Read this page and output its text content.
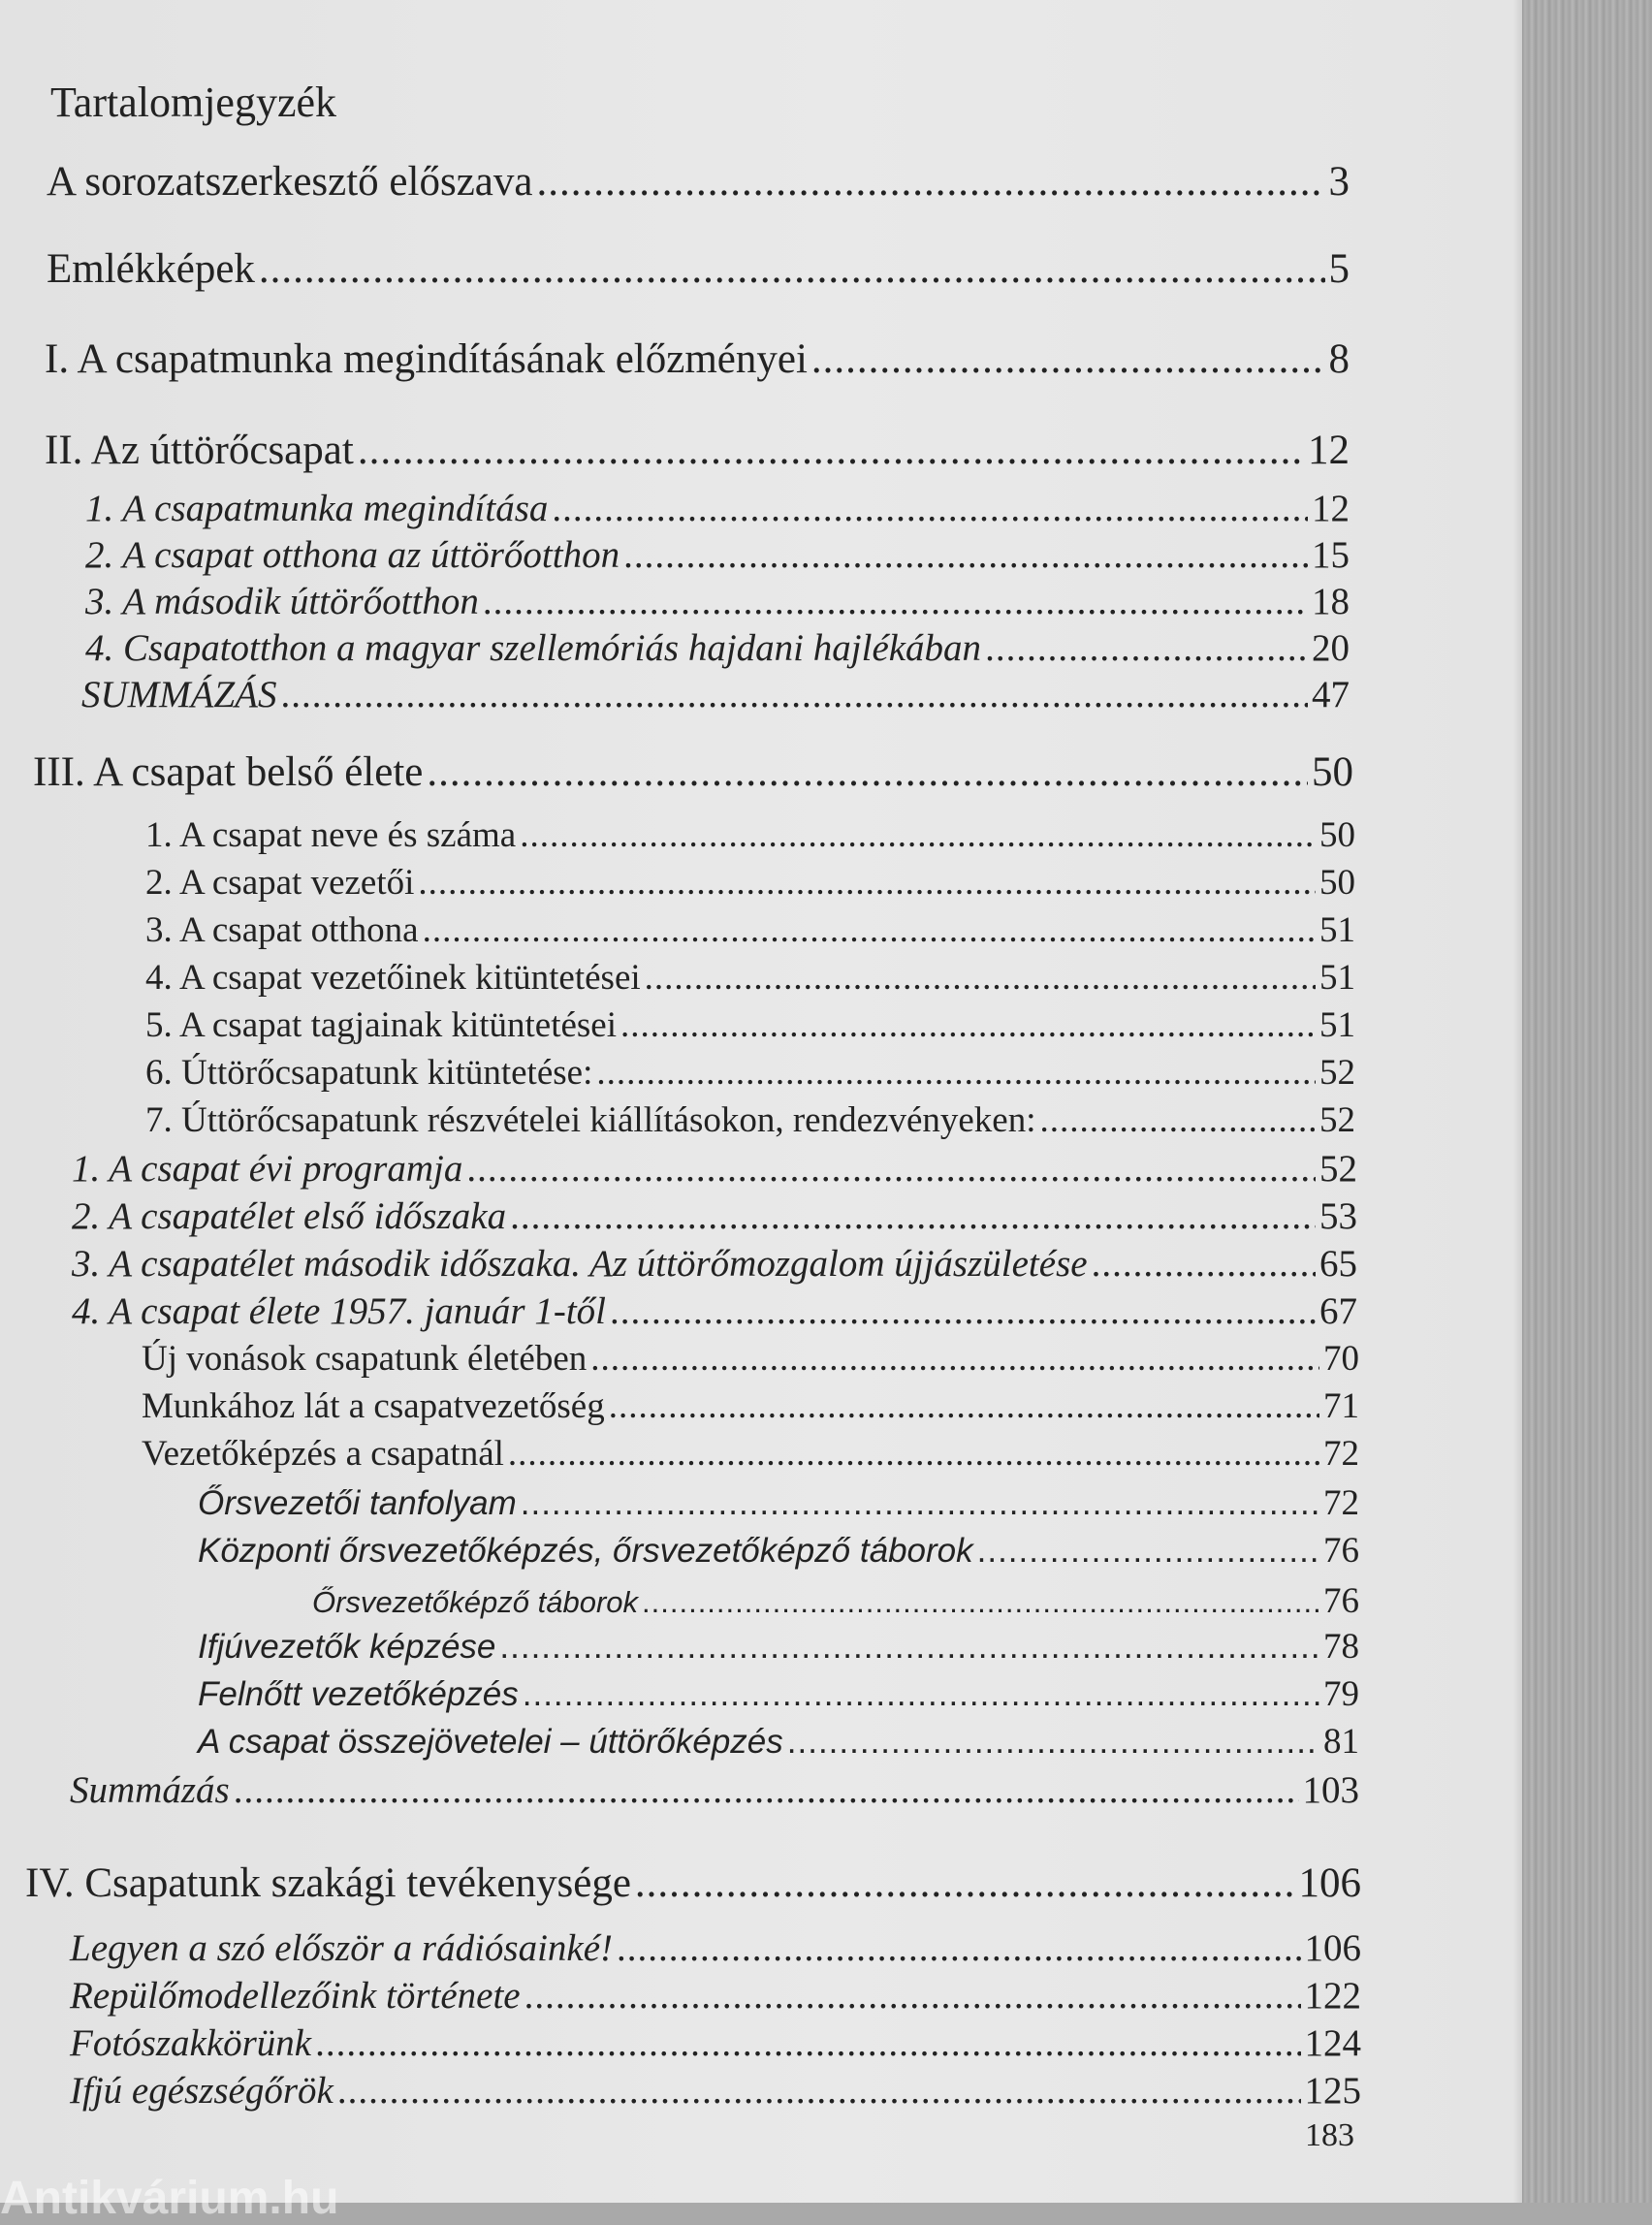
Tartalomjegyzék
A sorozatszerkesztő előszava .....	3
Emlékképek .....	5
I. A csapatmunka megindításának előzményei .....	8
II. Az úttörőcsapat .....	12
1. A csapatmunka megindítása .....	12
2. A csapat otthona az úttörőotthon .....	15
3. A második úttörőotthon .....	18
4. Csapatotthon a magyar szellemóriás hajdani hajlékában .....	20
SUMMÁZÁS .....	47
III. A csapat belső élete .....	50
1. A csapat neve és száma .....	50
2. A csapat vezetői .....	50
3. A csapat otthona .....	51
4. A csapat vezetőinek kitüntetései .....	51
5. A csapat tagjainak kitüntetései .....	51
6. Úttörőcsapatunk kitüntetése: .....	52
7. Úttörőcsapatunk részvételei kiállításokon, rendezvényeken: .....	52
1. A csapat évi programja .....	52
2. A csapatélet első időszaka .....	53
3. A csapatélet második időszaka. Az úttörőmozgalom újjászületése .....	65
4. A csapat élete 1957. január 1-től .....	67
Új vonások csapatunk életében .....	70
Munkához lát a csapatvezetőség .....	71
Vezetőképzés a csapatnál .....	72
Őrsvezetői tanfolyam .....	72
Központi őrsvezetőképzés, őrsvezetőképző táborok .....	76
Őrsvezetőképző táborok .....	76
Ifjúvezetők képzése .....	78
Felnőtt vezetőképzés .....	79
A csapat összejövetelei – úttörőképzés .....	81
Summázás .....	103
IV. Csapatunk szakági tevékenysége .....	106
Legyen a szó először a rádiósainké! .....	106
Repülőmodellezőink története .....	122
Fotószakkörünk .....	124
Ifjú egészségőrök .....	125
183
Antikvárium.hu
